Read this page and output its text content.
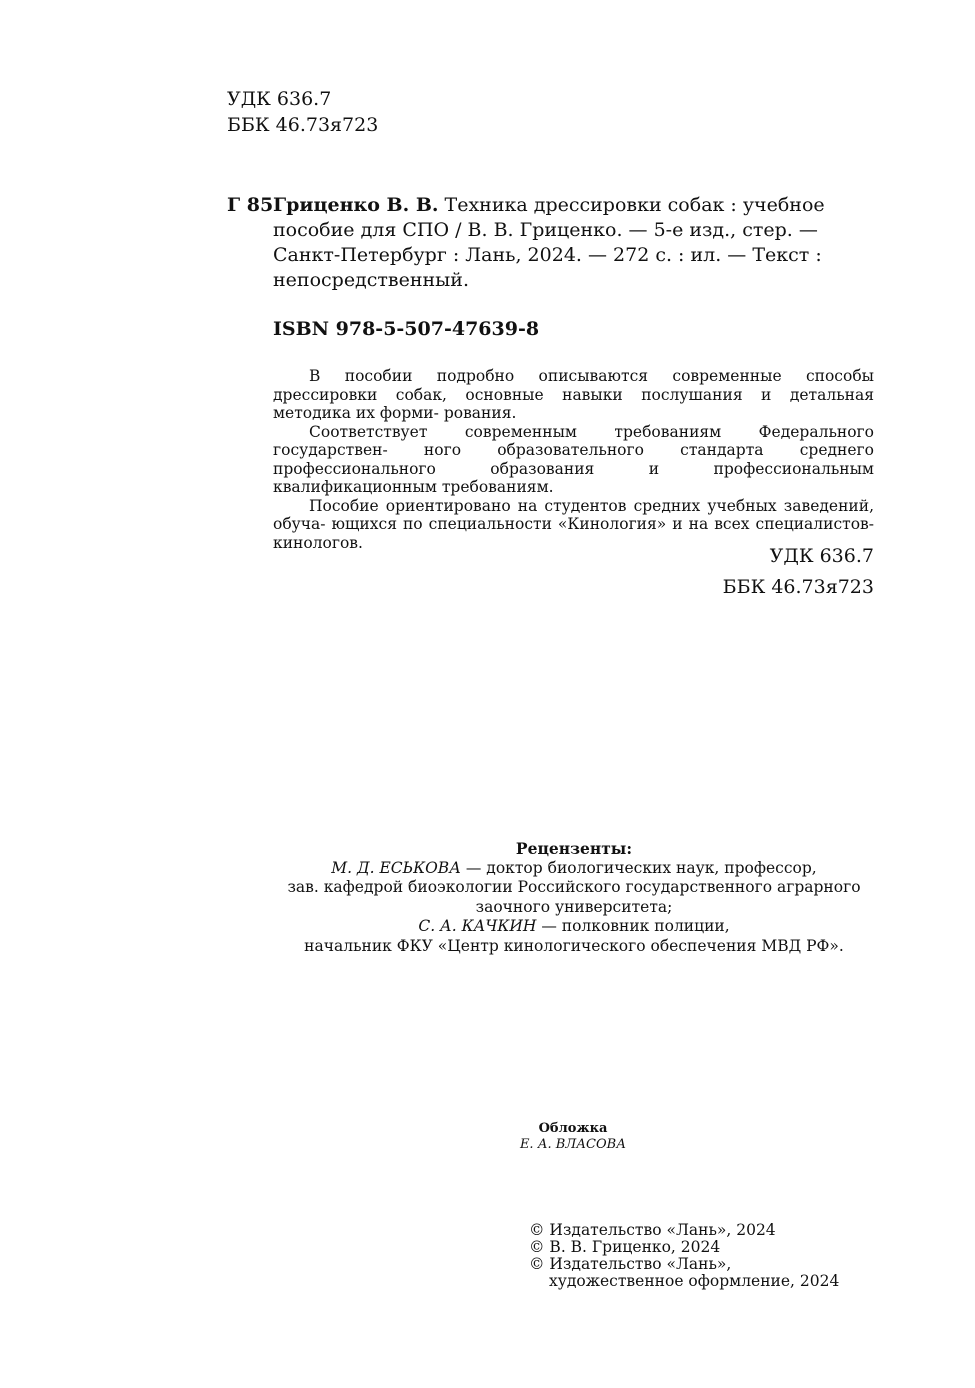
УДК 636.7
ББК 46.73я723
Г 85 Гриценко В. В. Техника дрессировки собак : учебное
пособие для СПО / В. В. Гриценко. — 5-е изд., стер. —
Санкт-Петербург : Лань, 2024. — 272 с. : ил. — Текст :
непосредственный.
ISBN 978-5-507-47639-8

В пособии подробно описываются современные способы дрессировки собак, основные навыки послушания и детальная методика их форми- рования.

Соответствует современным требованиям Федерального государствен- ного образовательного стандарта среднего профессионального образования и профессиональным квалификационным требованиям.

Пособие ориентировано на студентов средних учебных заведений, обуча- ющихся по специальности «Кинология» и на всех специалистов-кинологов.

УДК 636.7
ББК 46.73я723
Рецензенты:
М. Д. ЕСЬКОВА — доктор биологических наук, профессор,
зав. кафедрой биоэкологии Российского государственного аграрного
заочного университета;
С. А. КАЧКИН — полковник полиции,
начальник ФКУ «Центр кинологического обеспечения МВД РФ».
Обложка
Е. А. ВЛАСОВА
© Издательство «Лань», 2024
© В. В. Гриценко, 2024
© Издательство «Лань»,
художественное оформление, 2024
